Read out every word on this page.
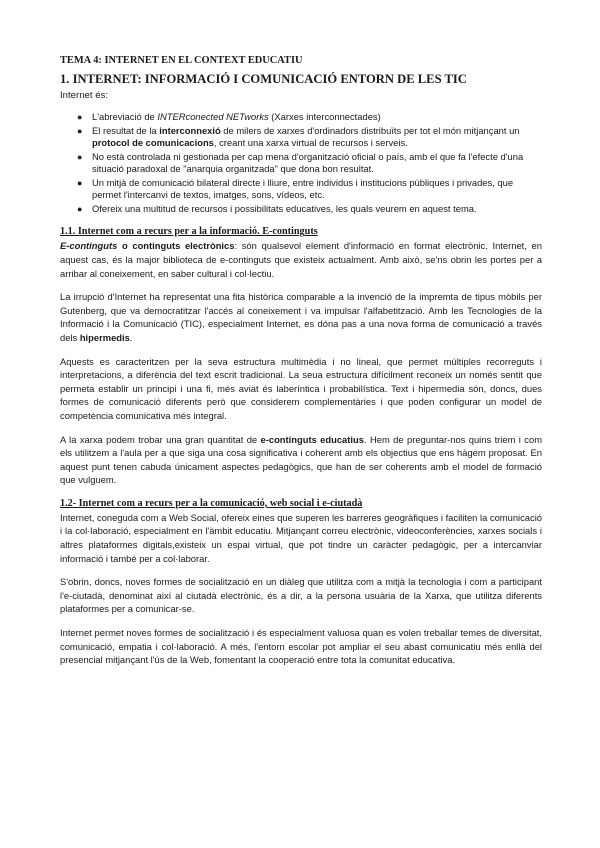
TEMA 4: INTERNET EN EL CONTEXT EDUCATIU

1. INTERNET: INFORMACIÓ I COMUNICACIÓ ENTORN DE LES TIC

Internet és:

● L'abreviació de INTERconected NETworks (Xarxes interconnectades)
● El resultat de la interconnexió de milers de xarxes d'ordinadors distribuïts per tot el món mitjançant un protocol de comunicacions, creant una xarxa virtual de recursos i serveis.
● No està controlada ni gestionada per cap mena d'organització oficial o país, amb el que fa l'efecte d'una situació paradoxal de "anarquia organitzada" que dona bon resultat.
● Un mitjà de comunicació bilateral directe i lliure, entre individus i institucions públiques i privades, que permet l'intercanvi de textos, imatges, sons, vídeos, etc.
● Ofereix una multitud de recursos i possibilitats educatives, les quals veurem en aquest tema.

1.1. Internet com a recurs per a la informació. E-continguts

E-continguts o continguts electrònics: són qualsevol element d'informació en format electrònic. Internet, en aquest cas, és la major biblioteca de e-continguts que existeix actualment. Amb això, se'ns obrin les portes per a arribar al coneixement, en saber cultural i col·lectiu.

La irrupció d'Internet ha representat una fita històrica comparable a la invenció de la impremta de tipus mòbils per Gutenberg, que va democratitzar l'accés al coneixement i va impulsar l'alfabetització. Amb les Tecnologies de la Informació i la Comunicació (TIC), especialment Internet, es dóna pas a una nova forma de comunicació a través dels hipermedis.

Aquests es caracteritzen per la seva estructura multimèdia i no lineal, que permet múltiples recorreguts i interpretacions, a diferència del text escrit tradicional. La seua estructura difícilment reconeix un només sentit que permeta establir un principi i una fi, més aviat és laberíntica i probabilística. Text i hipermedia són, doncs, dues formes de comunicació diferents però que considerem complementàries i que poden configurar un model de competència comunicativa més integral.

A la xarxa podem trobar una gran quantitat de e-continguts educatius. Hem de preguntar-nos quins triem i com els utilitzem a l'aula per a que siga una cosa significativa i coherent amb els objectius que ens hàgem proposat. En aquest punt tenen cabuda únicament aspectes pedagògics, que han de ser coherents amb el model de formació que vulguem.

1.2- Internet com a recurs per a la comunicació, web social i e-ciutadà

Internet, coneguda com a Web Social, ofereix eines que superen les barreres geogràfiques i faciliten la comunicació i la col·laboració, especialment en l'àmbit educatiu. Mitjançant correu electrònic, videoconferències, xarxes socials i altres plataformes digitals,existeix un espai virtual, que pot tindre un caràcter pedagògic, per a intercanviar informació i també per a col·laborar.

S'obrin, doncs, noves formes de socialització en un diàleg que utilitza com a mitjà la tecnologia i com a participant l'e-ciutadà, denominat així al ciutadà electrònic, és a dir, a la persona usuària de la Xarxa, que utilitza diferents plataformes per a comunicar-se.

Internet permet noves formes de socialització i és especialment valuosa quan es volen treballar temes de diversitat, comunicació, empatia i col·laboració. A més, l'entorn escolar pot ampliar el seu abast comunicatiu més enllà del presencial mitjançant l'ús de la Web, fomentant la cooperació entre tota la comunitat educativa.
